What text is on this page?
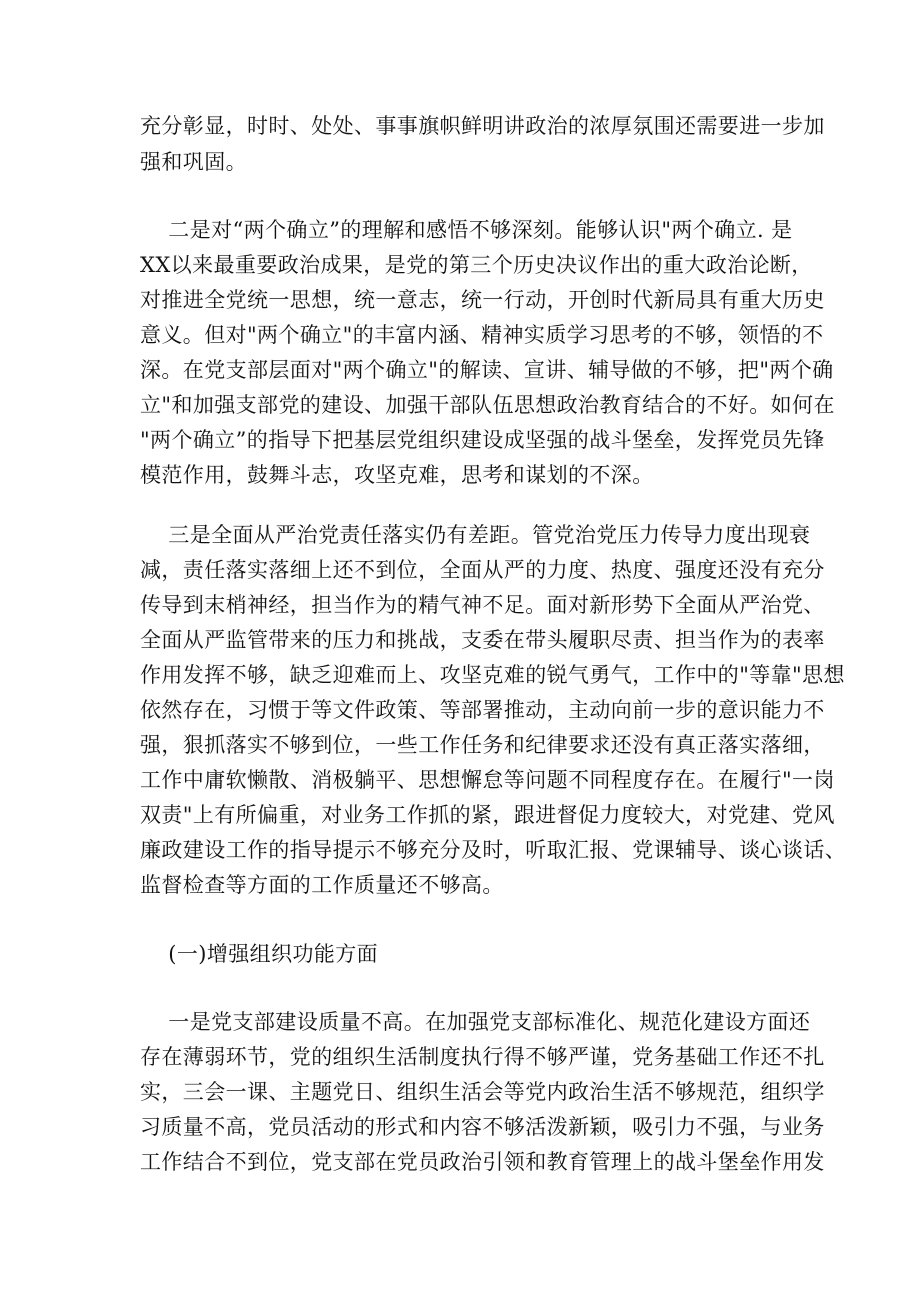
充分彰显，时时、处处、事事旗帜鲜明讲政治的浓厚氛围还需要进一步加
强和巩固。
二是对“两个确立”的理解和感悟不够深刻。能够认识"两个确立. 是
XX以来最重要政治成果，是党的第三个历史决议作出的重大政治论断，
对推进全党统一思想，统一意志，统一行动，开创时代新局具有重大历史
意义。但对"两个确立"的丰富内涵、精神实质学习思考的不够，领悟的不
深。在党支部层面对"两个确立"的解读、宣讲、辅导做的不够，把"两个确
立"和加强支部党的建设、加强干部队伍思想政治教育结合的不好。如何在
"两个确立”的指导下把基层党组织建设成坚强的战斗堡垒，发挥党员先锋
模范作用，鼓舞斗志，攻坚克难，思考和谋划的不深。
三是全面从严治党责任落实仍有差距。管党治党压力传导力度出现衰
减，责任落实落细上还不到位，全面从严的力度、热度、强度还没有充分
传导到末梢神经，担当作为的精气神不足。面对新形势下全面从严治党、
全面从严监管带来的压力和挑战，支委在带头履职尽责、担当作为的表率
作用发挥不够，缺乏迎难而上、攻坚克难的锐气勇气，工作中的"等靠"思想
依然存在，习惯于等文件政策、等部署推动，主动向前一步的意识能力不
强，狠抓落实不够到位，一些工作任务和纪律要求还没有真正落实落细，
工作中庸软懒散、消极躺平、思想懈怠等问题不同程度存在。在履行"一岗
双责"上有所偏重，对业务工作抓的紧，跟进督促力度较大，对党建、党风
廉政建设工作的指导提示不够充分及时，听取汇报、党课辅导、谈心谈话、
监督检查等方面的工作质量还不够高。
(一)增强组织功能方面
一是党支部建设质量不高。在加强党支部标准化、规范化建设方面还
存在薄弱环节，党的组织生活制度执行得不够严谨，党务基础工作还不扎
实，三会一课、主题党日、组织生活会等党内政治生活不够规范，组织学
习质量不高，党员活动的形式和内容不够活泼新颖，吸引力不强，与业务
工作结合不到位，党支部在党员政治引领和教育管理上的战斗堡垒作用发
